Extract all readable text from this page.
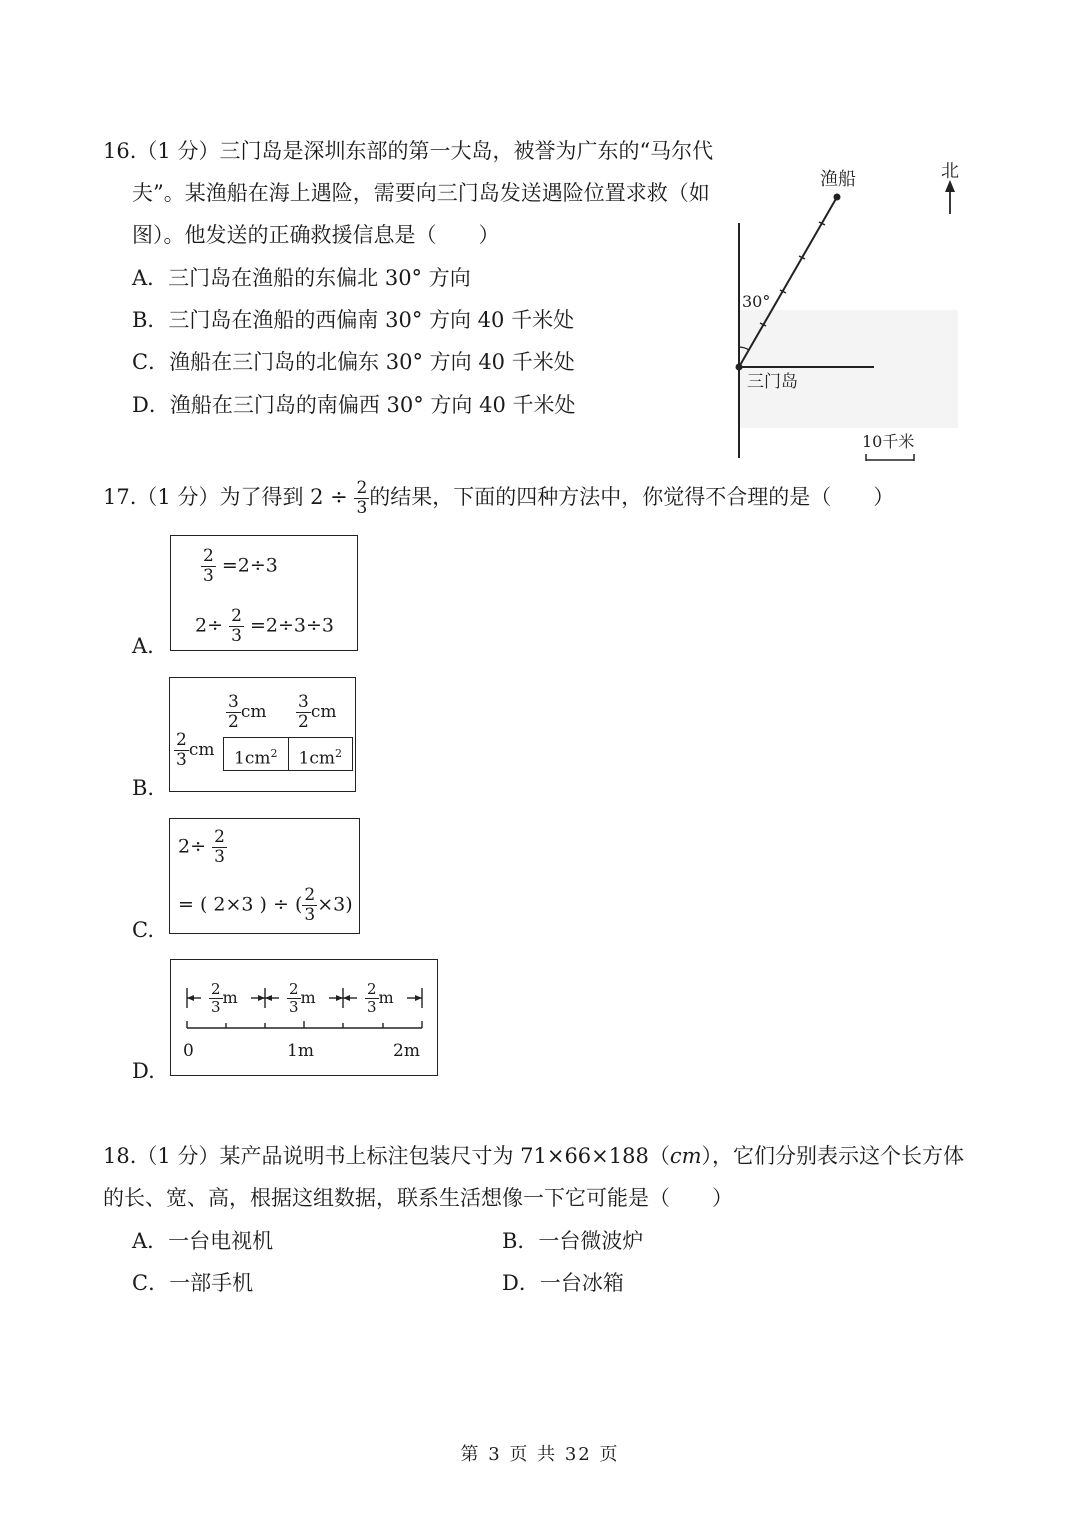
16.（1 分）三门岛是深圳东部的第一大岛，被誉为广东的“马尔代
夫”。某渔船在海上遇险，需要向三门岛发送遇险位置求救（如
图）。他发送的正确救援信息是（　　）
A．三门岛在渔船的东偏北 30° 方向
B．三门岛在渔船的西偏南 30° 方向 40 千米处
C．渔船在三门岛的北偏东 30° 方向 40 千米处
D．渔船在三门岛的南偏西 30° 方向 40 千米处
渔船	北
30°
三门岛
10千米
17.（1 分）为了得到 $2 \div \frac{2}{3}$ 的结果，下面的四种方法中，你觉得不合理的是（　　）
A.
$\frac{2}{3} =2\div 3$
$2\div \frac{2}{3} =2\div 3\div 3$
B.
$\frac{3}{2}$ cm $\frac{3}{2}$ cm
$\frac{2}{3}$ cm	$1cm^2$	$1cm^2$
C.
$2\div \frac{2}{3}$
= ( 2×3 ) ÷ ( $\frac{2}{3} \times 3$)
D.
$\frac{2}{3}$ m	$\frac{2}{3}$ m	$\frac{2}{3}$ m
0	1m	2m
18.（1 分）某产品说明书上标注包装尺寸为 71×66×188（cm），它们分别表示这个长方体
的长、宽、高，根据这组数据，联系生活想像一下它可能是（　　）
A．一台电视机	B．一台微波炉
C．一部手机	D．一台冰箱
第 3 页 共 32 页
